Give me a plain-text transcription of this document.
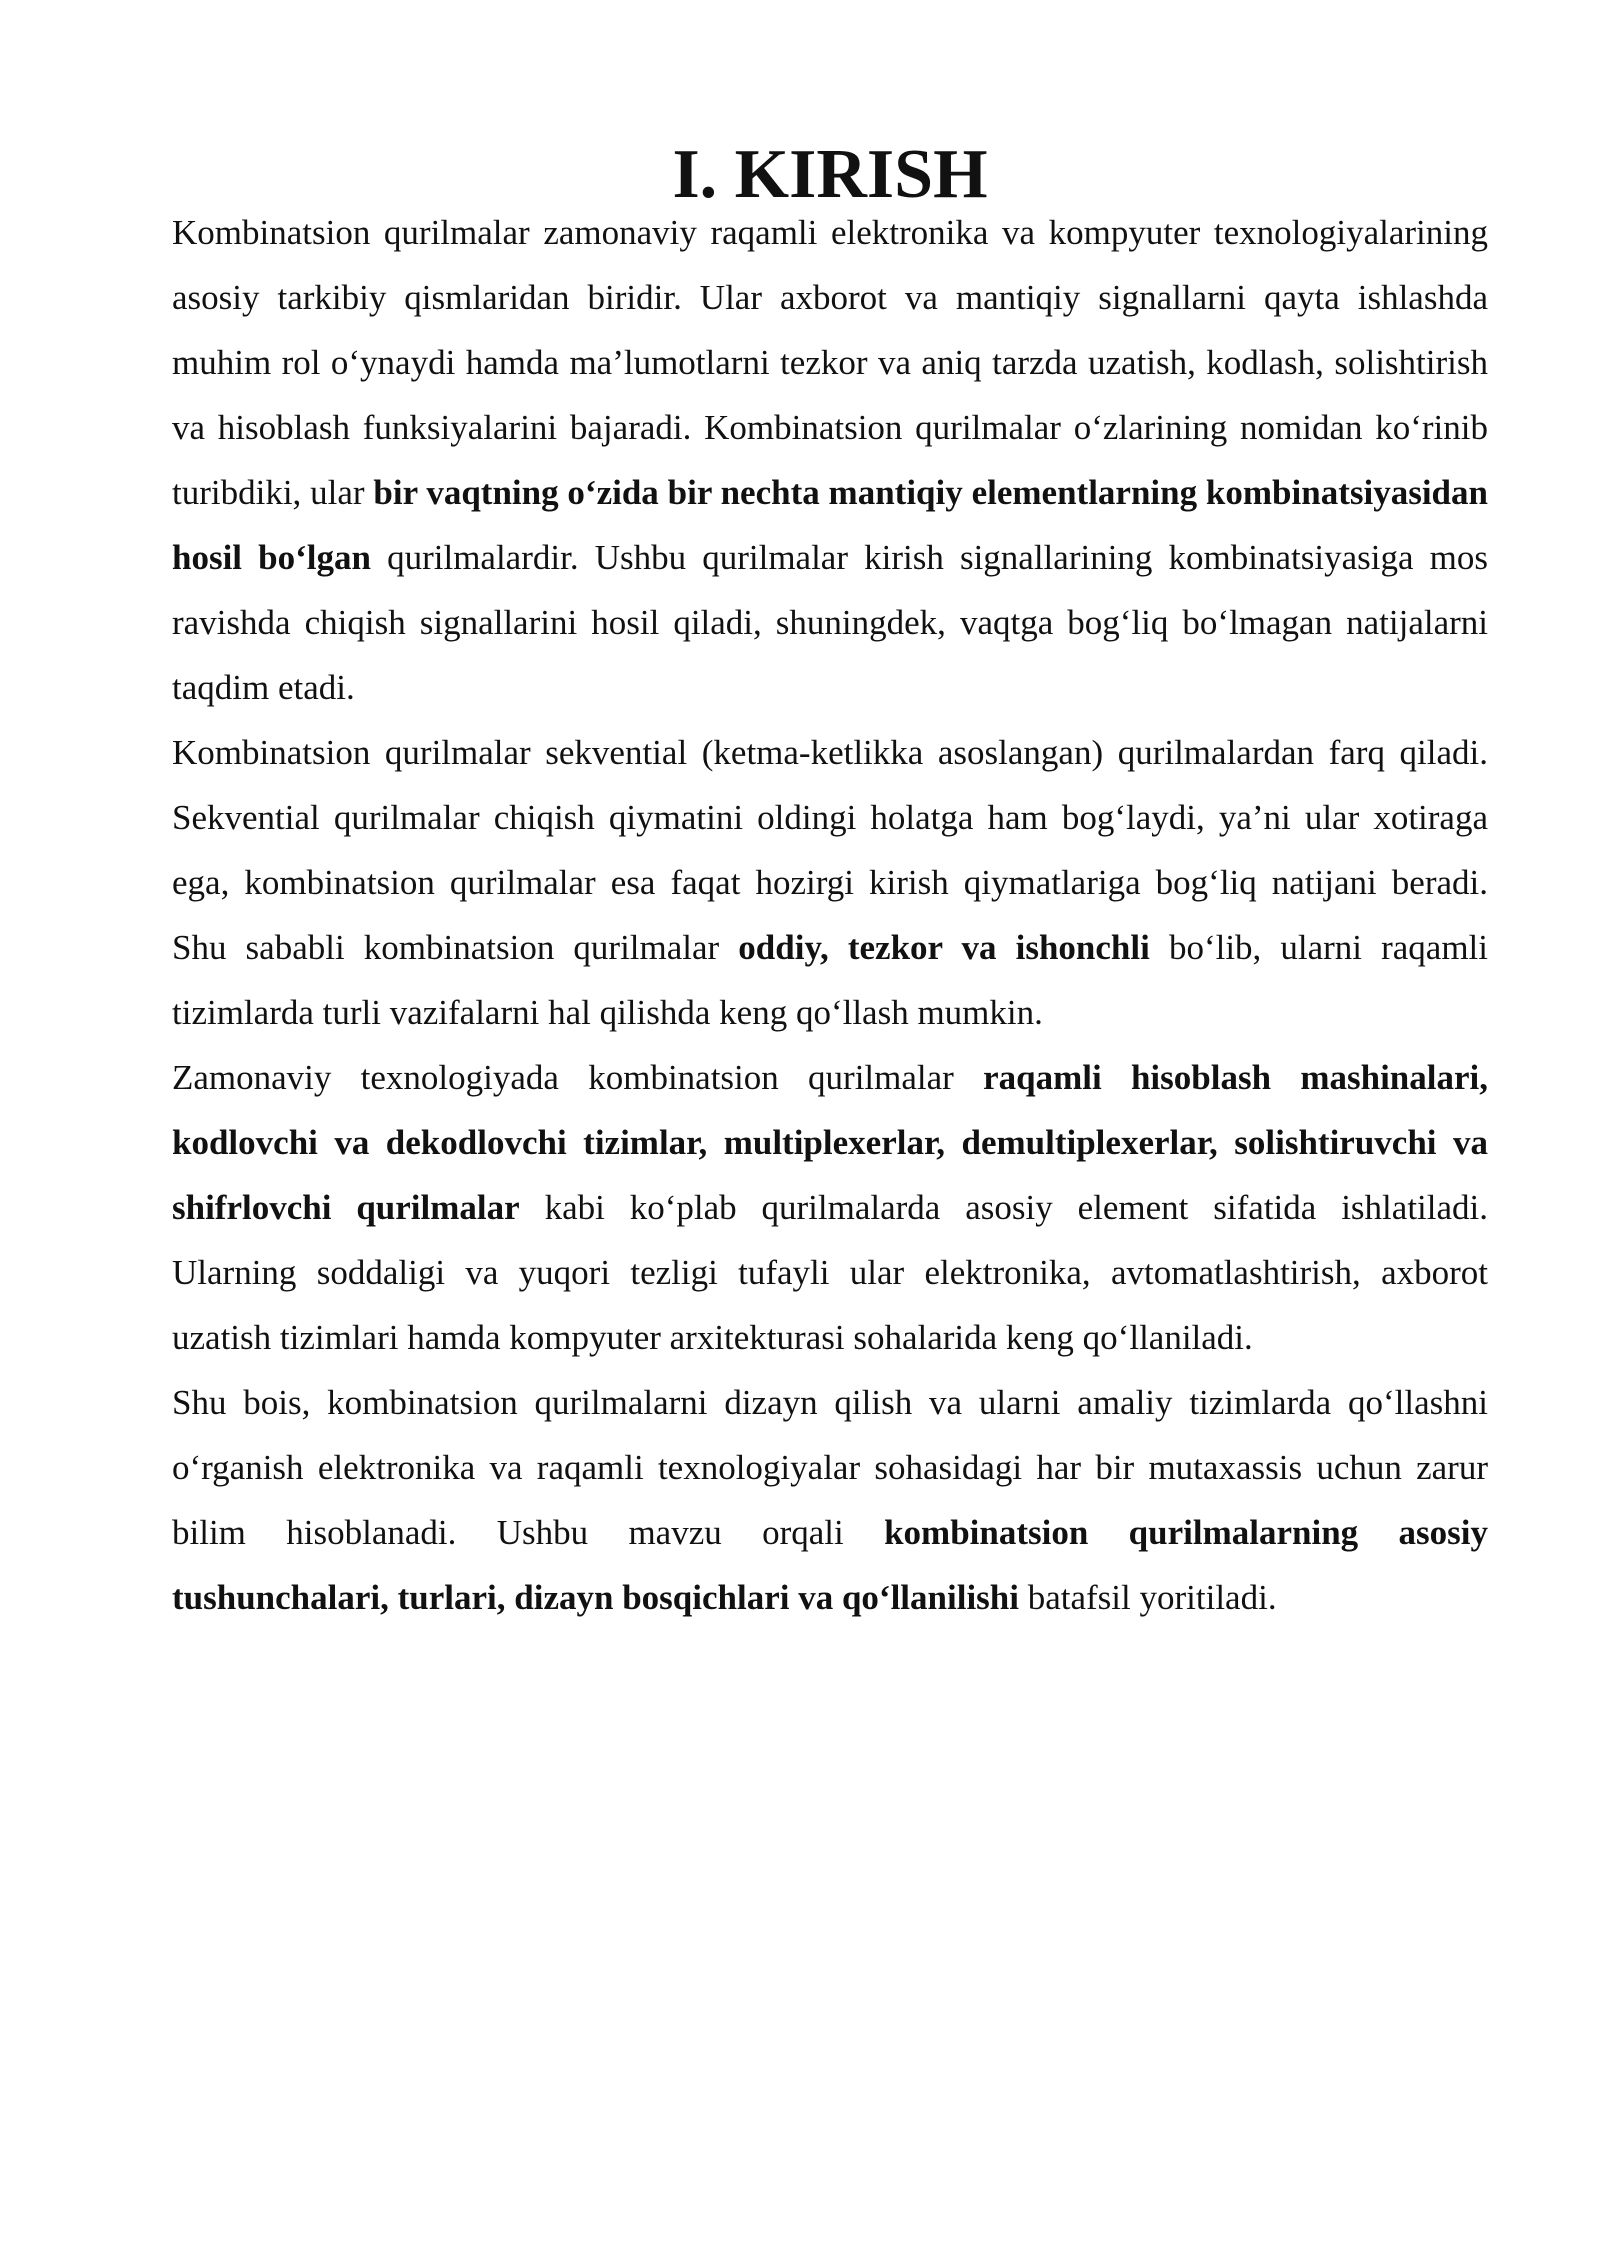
I. KIRISH

Kombinatsion qurilmalar zamonaviy raqamli elektronika va kompyuter texnologiyalarining asosiy tarkibiy qismlaridan biridir. Ular axborot va mantiqiy signallarni qayta ishlashda muhim rol o‘ynaydi hamda ma’lumotlarni tezkor va aniq tarzda uzatish, kodlash, solishtirish va hisoblash funksiyalarini bajaradi. Kombinatsion qurilmalar o‘zlarining nomidan ko‘rinib turibdiki, ular bir vaqtning o‘zida bir nechta mantiqiy elementlarning kombinatsiyasidan hosil bo‘lgan qurilmalardir. Ushbu qurilmalar kirish signallarining kombinatsiyasiga mos ravishda chiqish signallarini hosil qiladi, shuningdek, vaqtga bog‘liq bo‘lmagan natijalarni taqdim etadi.

Kombinatsion qurilmalar sekvential (ketma-ketlikka asoslangan) qurilmalardan farq qiladi. Sekvential qurilmalar chiqish qiymatini oldingi holatga ham bog‘laydi, ya’ni ular xotiraga ega, kombinatsion qurilmalar esa faqat hozirgi kirish qiymatlariga bog‘liq natijani beradi. Shu sababli kombinatsion qurilmalar oddiy, tezkor va ishonchli bo‘lib, ularni raqamli tizimlarda turli vazifalarni hal qilishda keng qo‘llash mumkin.

Zamonaviy texnologiyada kombinatsion qurilmalar raqamli hisoblash mashinalari, kodlovchi va dekodlovchi tizimlar, multiplexerlar, demultiplexerlar, solishtiruvchi va shifrlovchi qurilmalar kabi ko‘plab qurilmalarda asosiy element sifatida ishlatiladi. Ularning soddaligi va yuqori tezligi tufayli ular elektronika, avtomatlashtirish, axborot uzatish tizimlari hamda kompyuter arxitekturasi sohalarida keng qo‘llaniladi.

Shu bois, kombinatsion qurilmalarni dizayn qilish va ularni amaliy tizimlarda qo‘llashni o‘rganish elektronika va raqamli texnologiyalar sohasidagi har bir mutaxassis uchun zarur bilim hisoblanadi. Ushbu mavzu orqali kombinatsion qurilmalarning asosiy tushunchalari, turlari, dizayn bosqichlari va qo‘llanilishi batafsil yoritiladi.
